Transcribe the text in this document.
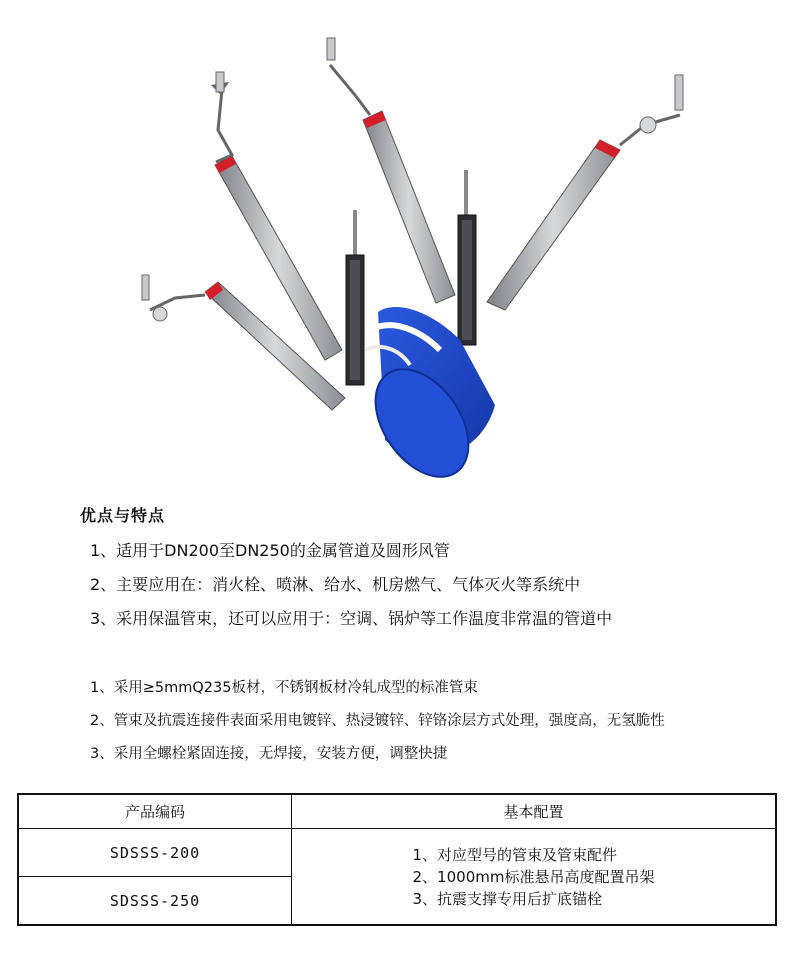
优点与特点
1、适用于DN200至DN250的金属管道及圆形风管
2、主要应用在：消火栓、喷淋、给水、机房燃气、气体灭火等系统中
3、采用保温管束，还可以应用于：空调、锅炉等工作温度非常温的管道中
1、采用≥5mmQ235板材，不锈钢板材冷轧成型的标准管束
2、管束及抗震连接件表面采用电镀锌、热浸镀锌、锌铬涂层方式处理，强度高，无氢脆性
3、采用全螺栓紧固连接，无焊接，安装方便，调整快捷
产品编码	基本配置
SDSSS-200	1、对应型号的管束及管束配件
2、1000mm标准悬吊高度配置吊架
3、抗震支撑专用后扩底锚栓

SDSSS-250	
